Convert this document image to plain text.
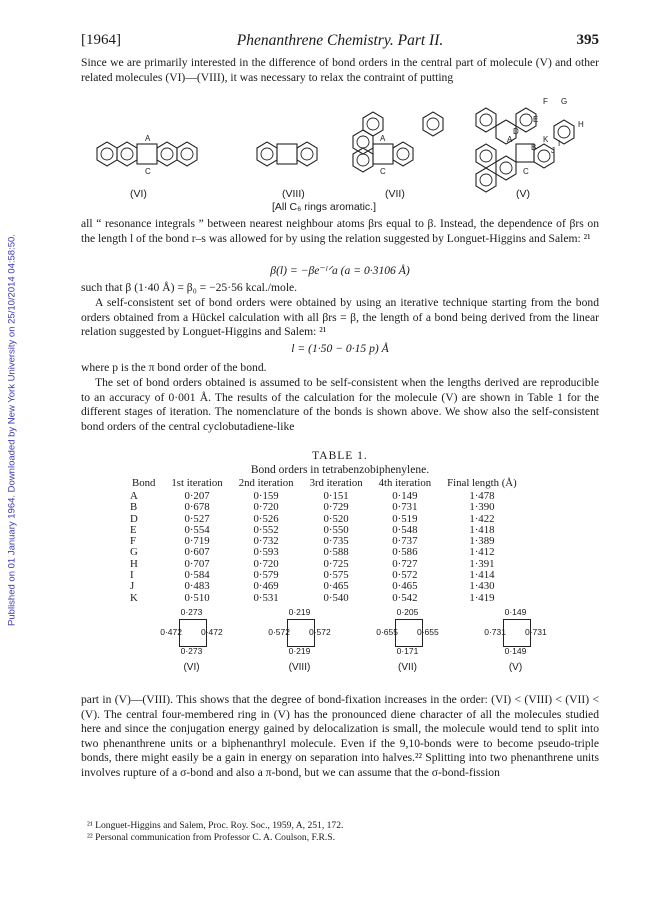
Published on 01 January 1964. Downloaded by New York University on 25/10/2014 04:58:50.
[1964]	Phenanthrene Chemistry. Part II.	395

Since we are primarily interested in the difference of bond orders in the central part of molecule (V) and other related molecules (VI)—(VIII), it was necessary to relax the contraint of putting

A
C
A
C
A
B
C
D
E
F G
H
I
J
K
(VI)	(VIII)	(VII)	(V)
[All C₆ rings aromatic.]

all “ resonance integrals ” between nearest neighbour atoms βrs equal to β. Instead, the dependence of βrs on the length l of the bond r–s was allowed for by using the relation suggested by Longuet-Higgins and Salem: ²¹

β(l) = −βe⁻ˡᐟa (a = 0·3106 Å)

such that β (1·40 Å) = β₀ = −25·56 kcal./mole.

A self-consistent set of bond orders were obtained by using an iterative technique starting from the bond orders obtained from a Hückel calculation with all βrs = β, the length of a bond being derived from the linear relation suggested by Longuet-Higgins and Salem: ²¹

l = (1·50 − 0·15 p) Å

where p is the π bond order of the bond.

The set of bond orders obtained is assumed to be self-consistent when the lengths derived are reproducible to an accuracy of 0·001 Å. The results of the calculation for the molecule (V) are shown in Table 1 for the different stages of iteration. The nomenclature of the bonds is shown above. We show also the self-consistent bond orders of the central cyclobutadiene-like

TABLE 1.
Bond orders in tetrabenzobiphenylene.
Bond	1st iteration	2nd iteration	3rd iteration	4th iteration	Final length (Å)
A	0·207	0·159	0·151	0·149	1·478
B	0·678	0·720	0·729	0·731	1·390
D	0·527	0·526	0·520	0·519	1·422
E	0·554	0·552	0·550	0·548	1·418
F	0·719	0·732	0·735	0·737	1·389
G	0·607	0·593	0·588	0·586	1·412
H	0·707	0·720	0·725	0·727	1·391
I	0·584	0·579	0·575	0·572	1·414
J	0·483	0·469	0·465	0·465	1·430
K	0·510	0·531	0·540	0·542	1·419
0·273
0·273
0·472 0·472
(VI)
0·219
0·219
0·572 0·572
(VIII)
0·205
0·171
0·655 0·655
(VII)
0·149
0·149
0·731 0·731
(V)

part in (V)—(VIII). This shows that the degree of bond-fixation increases in the order: (VI) < (VIII) < (VII) < (V). The central four-membered ring in (V) has the pronounced diene character of all the molecules studied here and since the conjugation energy gained by delocalization is small, the molecule would tend to split into two phenanthrene units or a biphenanthryl molecule. Even if the 9,10-bonds were to become pseudo-triple bonds, there might easily be a gain in energy on separation into halves.²² Splitting into two phenanthrene units involves rupture of a σ-bond and also a π-bond, but we can assume that the σ-bond-fission

²¹ Longuet-Higgins and Salem, Proc. Roy. Soc., 1959, A, 251, 172.
²² Personal communication from Professor C. A. Coulson, F.R.S.
